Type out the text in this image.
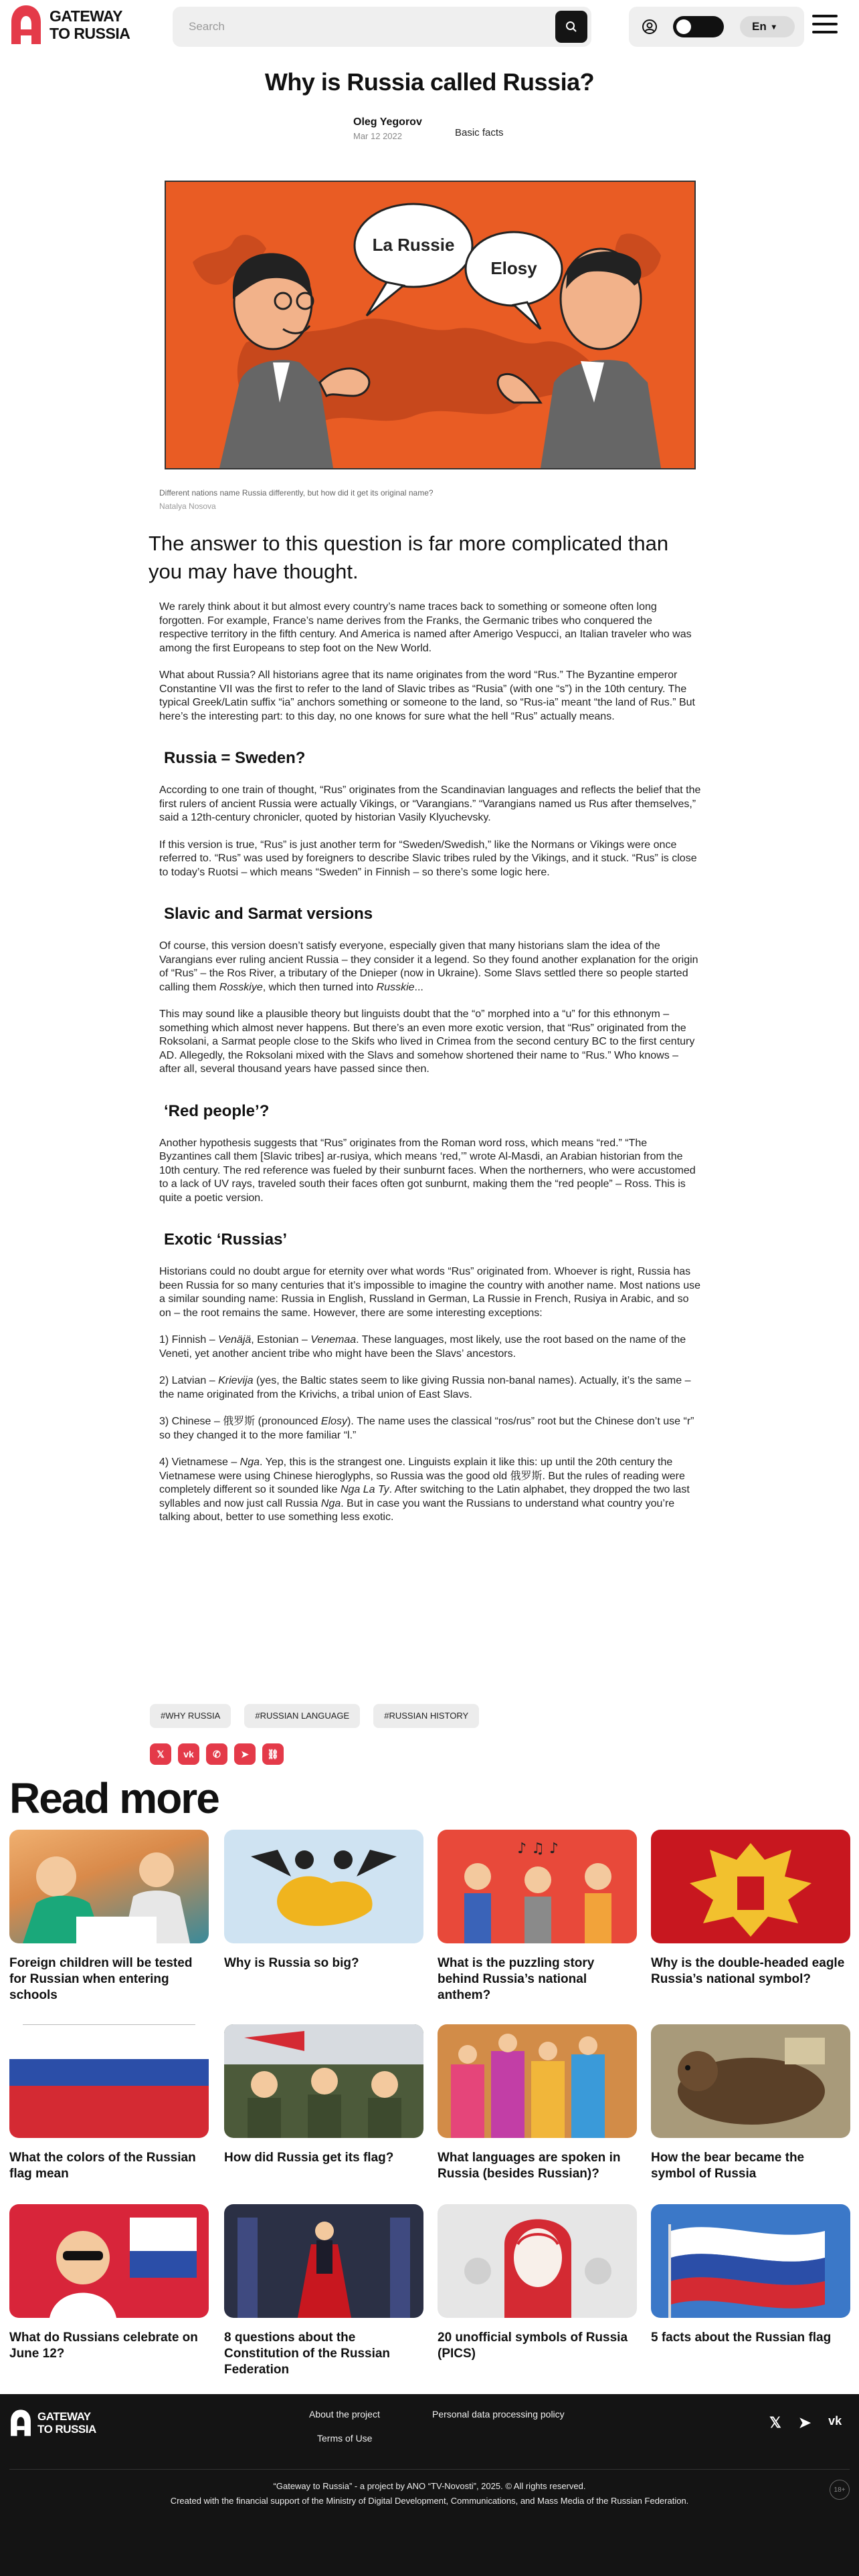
GATEWAY
TO RUSSIA
Search	En ▾
Why is Russia called Russia?
Oleg Yegorov
Mar 12 2022	Basic facts
La Russie
Elosy
Different nations name Russia differently, but how did it get its original name?
Natalya Nosova
The answer to this question is far more complicated than you may have thought.

We rarely think about it but almost every country’s name traces back to something or someone often long forgotten. For example, France’s name derives from the Franks, the Germanic tribes who conquered the respective territory in the fifth century. And America is named after Amerigo Vespucci, an Italian traveler who was among the first Europeans to step foot on the New World.

What about Russia? All historians agree that its name originates from the word “Rus.” The Byzantine emperor Constantine VII was the first to refer to the land of Slavic tribes as “Rusia” (with one “s”) in the 10th century. The typical Greek/Latin suffix “ia” anchors something or someone to the land, so “Rus-ia” meant “the land of Rus.” But here’s the interesting part: to this day, no one knows for sure what the hell “Rus” actually means.

Russia = Sweden?

According to one train of thought, “Rus” originates from the Scandinavian languages and reflects the belief that the first rulers of ancient Russia were actually Vikings, or “Varangians.” “Varangians named us Rus after themselves,” said a 12th-century chronicler, quoted by historian Vasily Klyuchevsky.

If this version is true, “Rus” is just another term for “Sweden/Swedish,” like the Normans or Vikings were once referred to. “Rus” was used by foreigners to describe Slavic tribes ruled by the Vikings, and it stuck. “Rus” is close to today’s Ruotsi – which means “Sweden” in Finnish – so there’s some logic here.

Slavic and Sarmat versions

Of course, this version doesn’t satisfy everyone, especially given that many historians slam the idea of the Varangians ever ruling ancient Russia – they consider it a legend. So they found another explanation for the origin of “Rus” – the Ros River, a tributary of the Dnieper (now in Ukraine). Some Slavs settled there so people started calling them Rosskiye, which then turned into Russkie...

This may sound like a plausible theory but linguists doubt that the “o” morphed into a “u” for this ethnonym – something which almost never happens. But there’s an even more exotic version, that “Rus” originated from the Roksolani, a Sarmat people close to the Skifs who lived in Crimea from the second century BC to the first century AD. Allegedly, the Roksolani mixed with the Slavs and somehow shortened their name to “Rus.” Who knows – after all, several thousand years have passed since then.

‘Red people’?

Another hypothesis suggests that “Rus” originates from the Roman word ross, which means “red.” “The Byzantines call them [Slavic tribes] ar-rusiya, which means ‘red,’” wrote Al-Masdi, an Arabian historian from the 10th century. The red reference was fueled by their sunburnt faces. When the northerners, who were accustomed to a lack of UV rays, traveled south their faces often got sunburnt, making them the “red people” – Ross. This is quite a poetic version.

Exotic ‘Russias’

Historians could no doubt argue for eternity over what words “Rus” originated from. Whoever is right, Russia has been Russia for so many centuries that it’s impossible to imagine the country with another name. Most nations use a similar sounding name: Russia in English, Russland in German, La Russie in French, Rusiya in Arabic, and so on – the root remains the same. However, there are some interesting exceptions:

1) Finnish – Venäjä, Estonian – Venemaa. These languages, most likely, use the root based on the name of the Veneti, yet another ancient tribe who might have been the Slavs’ ancestors.

2) Latvian – Krievija (yes, the Baltic states seem to like giving Russia non-banal names). Actually, it’s the same – the name originated from the Krivichs, a tribal union of East Slavs.

3) Chinese – 俄罗斯 (pronounced Elosy). The name uses the classical “ros/rus” root but the Chinese don’t use “r” so they changed it to the more familiar “l.”

4) Vietnamese – Nga. Yep, this is the strangest one. Linguists explain it like this: up until the 20th century the Vietnamese were using Chinese hieroglyphs, so Russia was the good old 俄罗斯. But the rules of reading were completely different so it sounded like Nga La Ty. After switching to the Latin alphabet, they dropped the two last syllables and now just call Russia Nga. But in case you want the Russians to understand what country you’re talking about, better to use something less exotic.

#WHY RUSSIA	#RUSSIAN LANGUAGE	#RUSSIAN HISTORY
𝕏	vk	✆	➤	⛓
Read more
Foreign children will be tested for Russian when entering schools
Why is Russia so big?
♪ ♫ ♪
What is the puzzling story behind Russia’s national anthem?
Why is the double-headed eagle Russia’s national symbol?
What the colors of the Russian flag mean
How did Russia get its flag?	What languages are spoken in Russia (besides Russian)?
How the bear became the symbol of Russia
What do Russians celebrate on June 12?
8 questions about the Constitution of the Russian Federation
20 unofficial symbols of Russia (PICS)
5 facts about the Russian flag
GATEWAY
TO RUSSIA
About the project	Personal data processing policy
Terms of Use
𝕏 ➤ vk
“Gateway to Russia” - a project by ANO “TV-Novosti”, 2025. © All rights reserved.
Created with the financial support of the Ministry of Digital Development, Communications, and Mass Media of the Russian Federation.
18+
